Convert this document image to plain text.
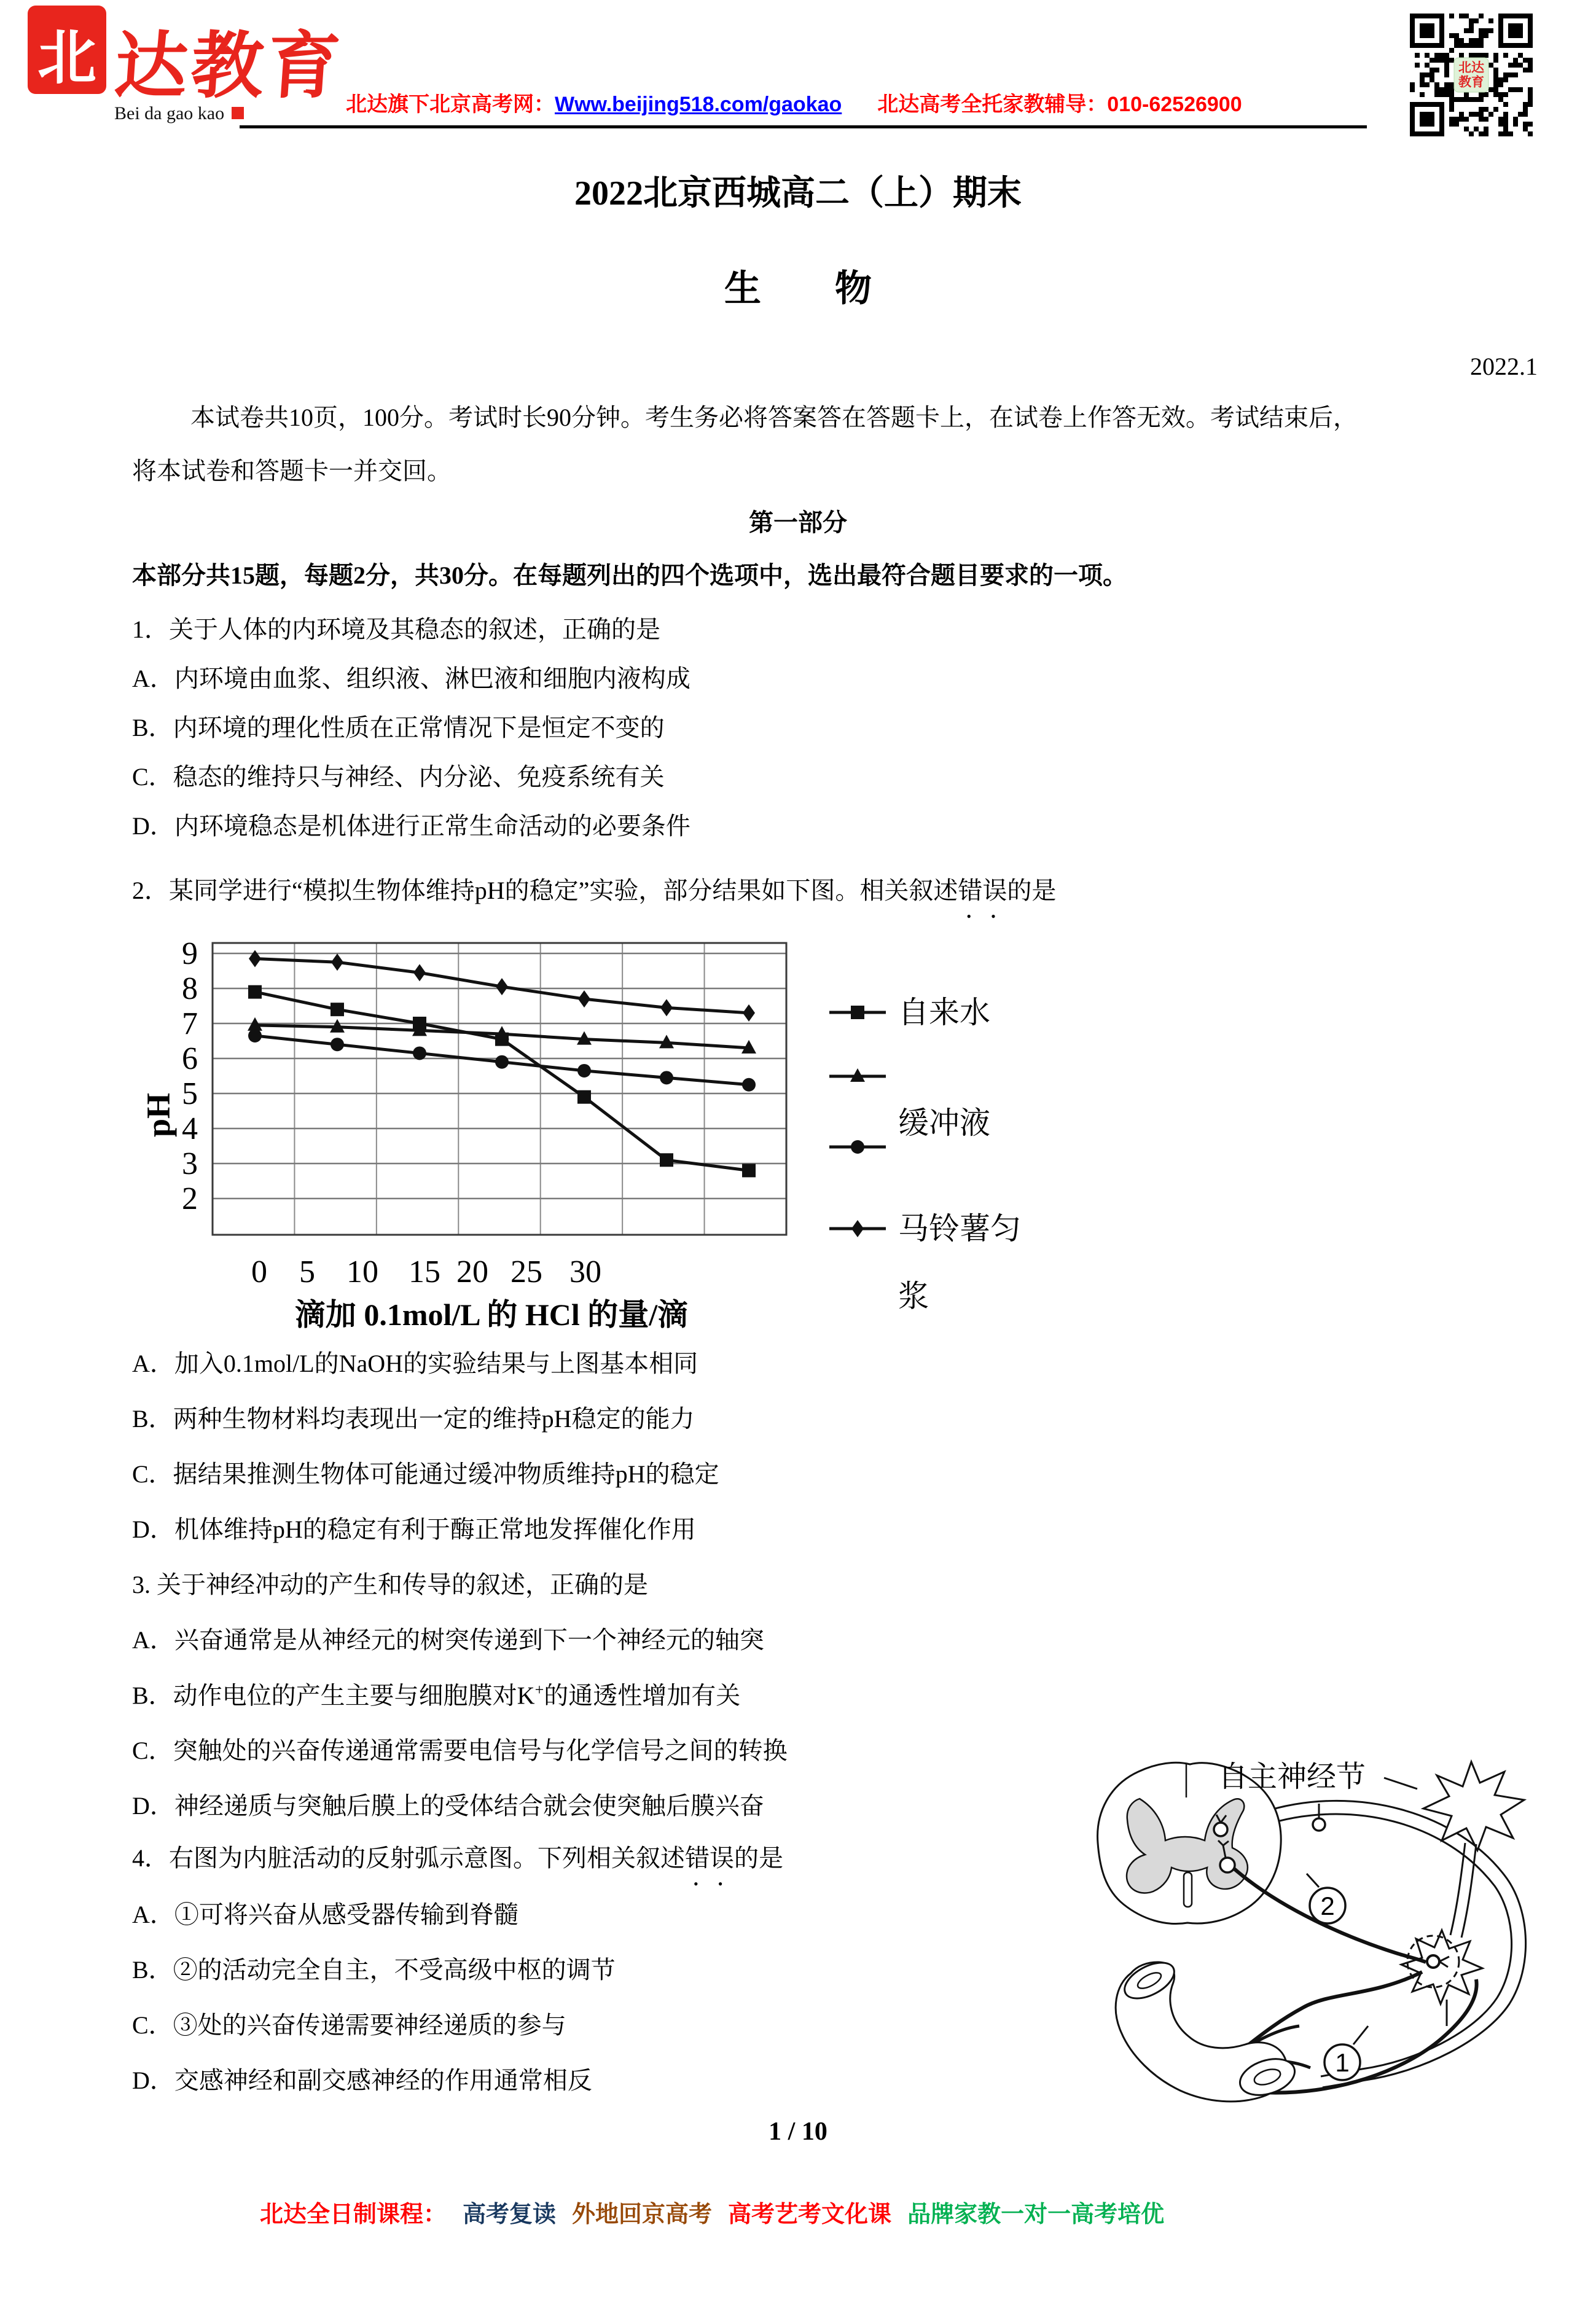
北 达教育
Bei da gao kao	北达旗下北京高考网：Www.beijing518.com/gaokao 北达高考全托家教辅导：010-62526900
北达
教育
2022北京西城高二（上）期末
生　　物
2022.1
本试卷共10页，100分。考试时长90分钟。考生务必将答案答在答题卡上，在试卷上作答无效。考试结束后，
将本试卷和答题卡一并交回。
第一部分
本部分共15题，每题2分，共30分。在每题列出的四个选项中，选出最符合题目要求的一项。
1．关于人体的内环境及其稳态的叙述，正确的是
A．内环境由血浆、组织液、淋巴液和细胞内液构成
B．内环境的理化性质在正常情况下是恒定不变的
C．稳态的维持只与神经、内分泌、免疫系统有关
D．内环境稳态是机体进行正常生命活动的必要条件
2．某同学进行“模拟生物体维持pH的稳定”实验，部分结果如下图。相关叙述错误 ••的是
9
8
7
6
5
4
3
2
0 5 10 15 20 25 30
pH
滴加 0.1mol/L 的 HCl 的量/滴
自来水
缓冲液
马铃薯匀
浆
A．加入0.1mol/L的NaOH的实验结果与上图基本相同
B．两种生物材料均表现出一定的维持pH稳定的能力
C．据结果推测生物体可能通过缓冲物质维持pH的稳定
D．机体维持pH的稳定有利于酶正常地发挥催化作用
3. 关于神经冲动的产生和传导的叙述，正确的是
A．兴奋通常是从神经元的树突传递到下一个神经元的轴突
B．动作电位的产生主要与细胞膜对K+的通透性增加有关
C．突触处的兴奋传递通常需要电信号与化学信号之间的转换
D．神经递质与突触后膜上的受体结合就会使突触后膜兴奋
4．右图为内脏活动的反射弧示意图。下列相关叙述错误 ••的是
A．①可将兴奋从感受器传输到脊髓
B．②的活动完全自主，不受高级中枢的调节
C．③处的兴奋传递需要神经递质的参与
D．交感神经和副交感神经的作用通常相反
自主神经节
2
1
1 / 10
北达全日制课程： 高考复读 外地回京高考 高考艺考文化课 品牌家教一对一高考培优
